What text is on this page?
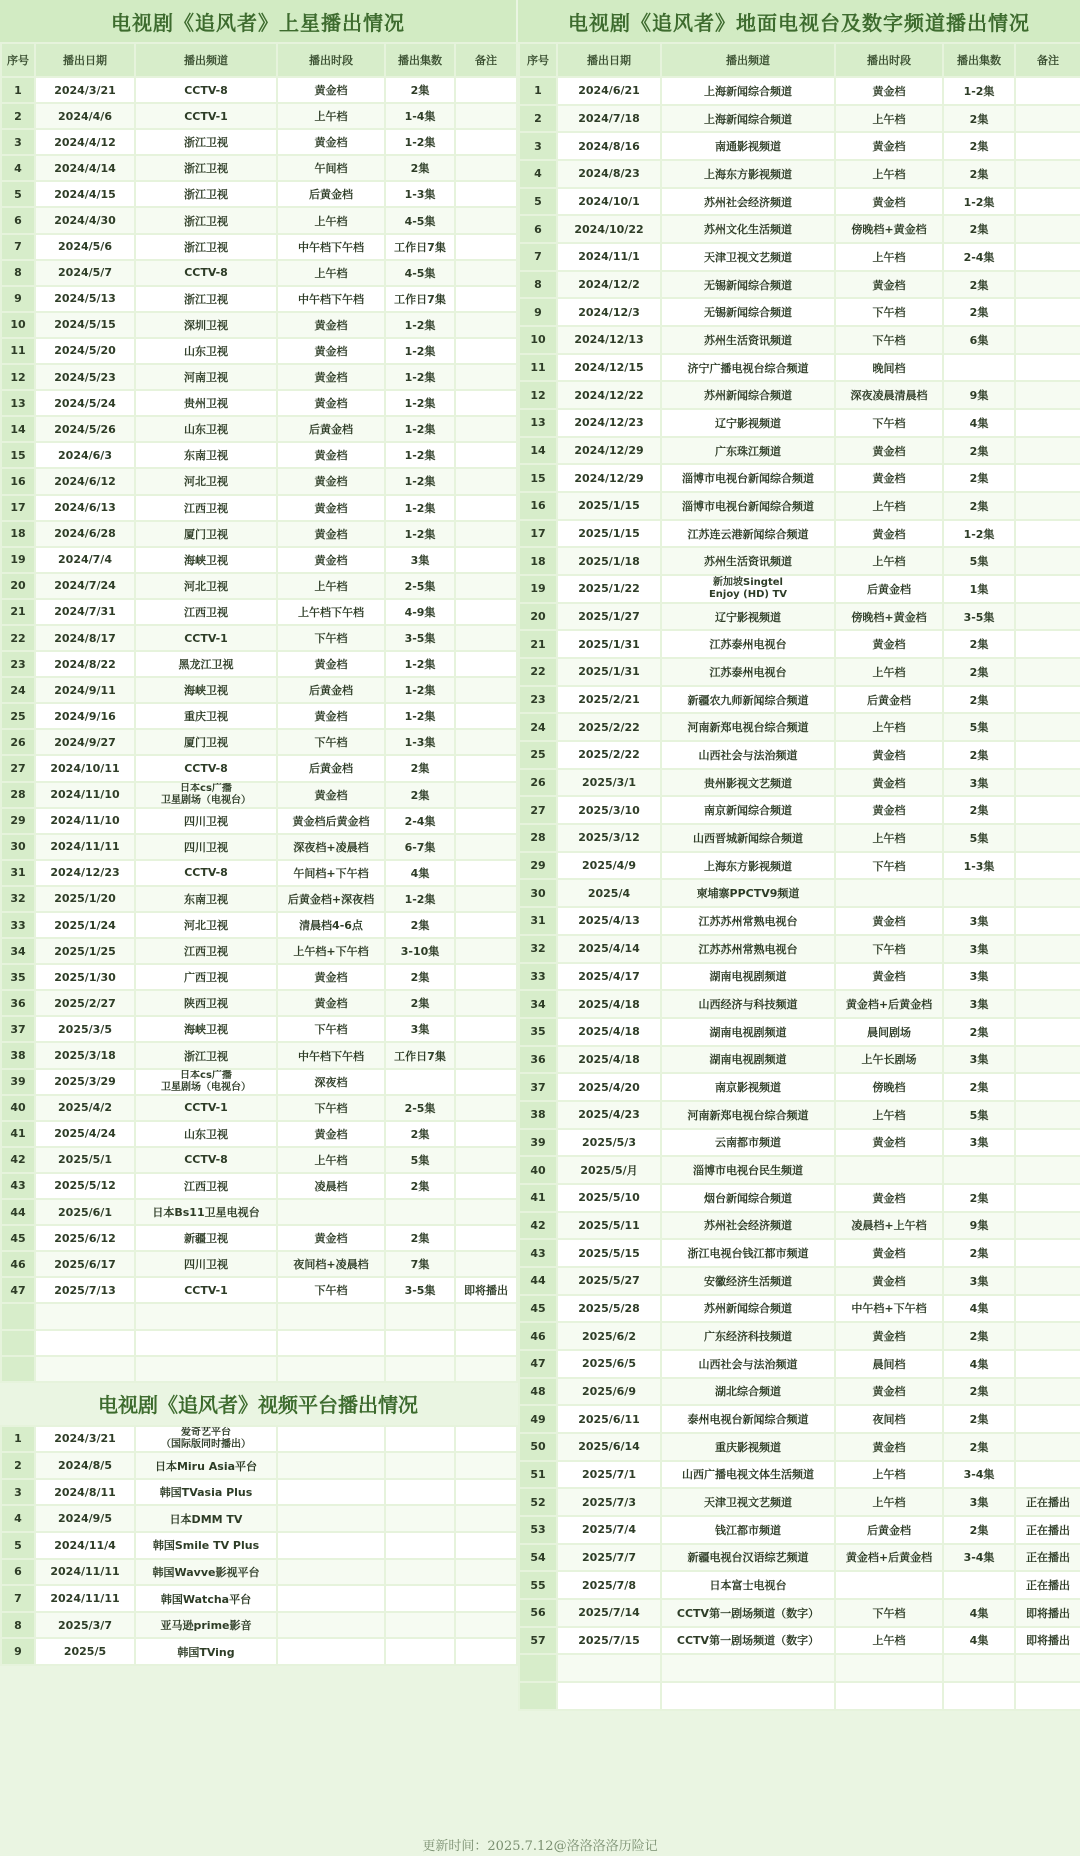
电视剧《追风者》上星播出情况
序号	播出日期	播出频道	播出时段	播出集数	备注
1	2024/3/21	CCTV-8	黄金档	2集	
2	2024/4/6	CCTV-1	上午档	1-4集	
3	2024/4/12	浙江卫视	黄金档	1-2集	
4	2024/4/14	浙江卫视	午间档	2集	
5	2024/4/15	浙江卫视	后黄金档	1-3集	
6	2024/4/30	浙江卫视	上午档	4-5集	
7	2024/5/6	浙江卫视	中午档下午档	工作日7集	
8	2024/5/7	CCTV-8	上午档	4-5集	
9	2024/5/13	浙江卫视	中午档下午档	工作日7集	
10	2024/5/15	深圳卫视	黄金档	1-2集	
11	2024/5/20	山东卫视	黄金档	1-2集	
12	2024/5/23	河南卫视	黄金档	1-2集	
13	2024/5/24	贵州卫视	黄金档	1-2集	
14	2024/5/26	山东卫视	后黄金档	1-2集	
15	2024/6/3	东南卫视	黄金档	1-2集	
16	2024/6/12	河北卫视	黄金档	1-2集	
17	2024/6/13	江西卫视	黄金档	1-2集	
18	2024/6/28	厦门卫视	黄金档	1-2集	
19	2024/7/4	海峡卫视	黄金档	3集	
20	2024/7/24	河北卫视	上午档	2-5集	
21	2024/7/31	江西卫视	上午档下午档	4-9集	
22	2024/8/17	CCTV-1	下午档	3-5集	
23	2024/8/22	黑龙江卫视	黄金档	1-2集	
24	2024/9/11	海峡卫视	后黄金档	1-2集	
25	2024/9/16	重庆卫视	黄金档	1-2集	
26	2024/9/27	厦门卫视	下午档	1-3集	
27	2024/10/11	CCTV-8	后黄金档	2集	
28	2024/11/10	日本cs广播
卫星剧场（电视台）	黄金档	2集	
29	2024/11/10	四川卫视	黄金档后黄金档	2-4集	
30	2024/11/11	四川卫视	深夜档+凌晨档	6-7集	
31	2024/12/23	CCTV-8	午间档+下午档	4集	
32	2025/1/20	东南卫视	后黄金档+深夜档	1-2集	
33	2025/1/24	河北卫视	清晨档4-6点	2集	
34	2025/1/25	江西卫视	上午档+下午档	3-10集	
35	2025/1/30	广西卫视	黄金档	2集	
36	2025/2/27	陕西卫视	黄金档	2集	
37	2025/3/5	海峡卫视	下午档	3集	
38	2025/3/18	浙江卫视	中午档下午档	工作日7集	
39	2025/3/29	日本cs广播
卫星剧场（电视台）	深夜档		
40	2025/4/2	CCTV-1	下午档	2-5集	
41	2025/4/24	山东卫视	黄金档	2集	
42	2025/5/1	CCTV-8	上午档	5集	
43	2025/5/12	江西卫视	凌晨档	2集	
44	2025/6/1	日本Bs11卫星电视台			
45	2025/6/12	新疆卫视	黄金档	2集	
46	2025/6/17	四川卫视	夜间档+凌晨档	7集	
47	2025/7/13	CCTV-1	下午档	3-5集	即将播出

电视剧《追风者》视频平台播出情况
1	2024/3/21	爱奇艺平台
（国际版同时播出）			
2	2024/8/5	日本Miru Asia平台			
3	2024/8/11	韩国TVasia Plus			
4	2024/9/5	日本DMM TV			
5	2024/11/4	韩国Smile TV Plus			
6	2024/11/11	韩国Wavve影视平台			
7	2024/11/11	韩国Watcha平台			
8	2025/3/7	亚马逊prime影音			
9	2025/5	韩国TVing			
电视剧《追风者》地面电视台及数字频道播出情况
序号	播出日期	播出频道	播出时段	播出集数	备注
1	2024/6/21	上海新闻综合频道	黄金档	1-2集	
2	2024/7/18	上海新闻综合频道	上午档	2集	
3	2024/8/16	南通影视频道	黄金档	2集	
4	2024/8/23	上海东方影视频道	上午档	2集	
5	2024/10/1	苏州社会经济频道	黄金档	1-2集	
6	2024/10/22	苏州文化生活频道	傍晚档+黄金档	2集	
7	2024/11/1	天津卫视文艺频道	上午档	2-4集	
8	2024/12/2	无锡新闻综合频道	黄金档	2集	
9	2024/12/3	无锡新闻综合频道	下午档	2集	
10	2024/12/13	苏州生活资讯频道	下午档	6集	
11	2024/12/15	济宁广播电视台综合频道	晚间档		
12	2024/12/22	苏州新闻综合频道	深夜凌晨清晨档	9集	
13	2024/12/23	辽宁影视频道	下午档	4集	
14	2024/12/29	广东珠江频道	黄金档	2集	
15	2024/12/29	淄博市电视台新闻综合频道	黄金档	2集	
16	2025/1/15	淄博市电视台新闻综合频道	上午档	2集	
17	2025/1/15	江苏连云港新闻综合频道	黄金档	1-2集	
18	2025/1/18	苏州生活资讯频道	上午档	5集	
19	2025/1/22	新加坡Singtel
Enjoy (HD) TV	后黄金档	1集	
20	2025/1/27	辽宁影视频道	傍晚档+黄金档	3-5集	
21	2025/1/31	江苏泰州电视台	黄金档	2集	
22	2025/1/31	江苏泰州电视台	上午档	2集	
23	2025/2/21	新疆农九师新闻综合频道	后黄金档	2集	
24	2025/2/22	河南新郑电视台综合频道	上午档	5集	
25	2025/2/22	山西社会与法治频道	黄金档	2集	
26	2025/3/1	贵州影视文艺频道	黄金档	3集	
27	2025/3/10	南京新闻综合频道	黄金档	2集	
28	2025/3/12	山西晋城新闻综合频道	上午档	5集	
29	2025/4/9	上海东方影视频道	下午档	1-3集	
30	2025/4	柬埔寨PPCTV9频道			
31	2025/4/13	江苏苏州常熟电视台	黄金档	3集	
32	2025/4/14	江苏苏州常熟电视台	下午档	3集	
33	2025/4/17	湖南电视剧频道	黄金档	3集	
34	2025/4/18	山西经济与科技频道	黄金档+后黄金档	3集	
35	2025/4/18	湖南电视剧频道	晨间剧场	2集	
36	2025/4/18	湖南电视剧频道	上午长剧场	3集	
37	2025/4/20	南京影视频道	傍晚档	2集	
38	2025/4/23	河南新郑电视台综合频道	上午档	5集	
39	2025/5/3	云南都市频道	黄金档	3集	
40	2025/5/月	淄博市电视台民生频道			
41	2025/5/10	烟台新闻综合频道	黄金档	2集	
42	2025/5/11	苏州社会经济频道	凌晨档+上午档	9集	
43	2025/5/15	浙江电视台钱江都市频道	黄金档	2集	
44	2025/5/27	安徽经济生活频道	黄金档	3集	
45	2025/5/28	苏州新闻综合频道	中午档+下午档	4集	
46	2025/6/2	广东经济科技频道	黄金档	2集	
47	2025/6/5	山西社会与法治频道	晨间档	4集	
48	2025/6/9	湖北综合频道	黄金档	2集	
49	2025/6/11	泰州电视台新闻综合频道	夜间档	2集	
50	2025/6/14	重庆影视频道	黄金档	2集	
51	2025/7/1	山西广播电视文体生活频道	上午档	3-4集	
52	2025/7/3	天津卫视文艺频道	上午档	3集	正在播出
53	2025/7/4	钱江都市频道	后黄金档	2集	正在播出
54	2025/7/7	新疆电视台汉语综艺频道	黄金档+后黄金档	3-4集	正在播出
55	2025/7/8	日本富士电视台			正在播出
56	2025/7/14	CCTV第一剧场频道（数字）	下午档	4集	即将播出
57	2025/7/15	CCTV第一剧场频道（数字）	上午档	4集	即将播出

更新时间：2025.7.12@洛洛洛洛历险记
